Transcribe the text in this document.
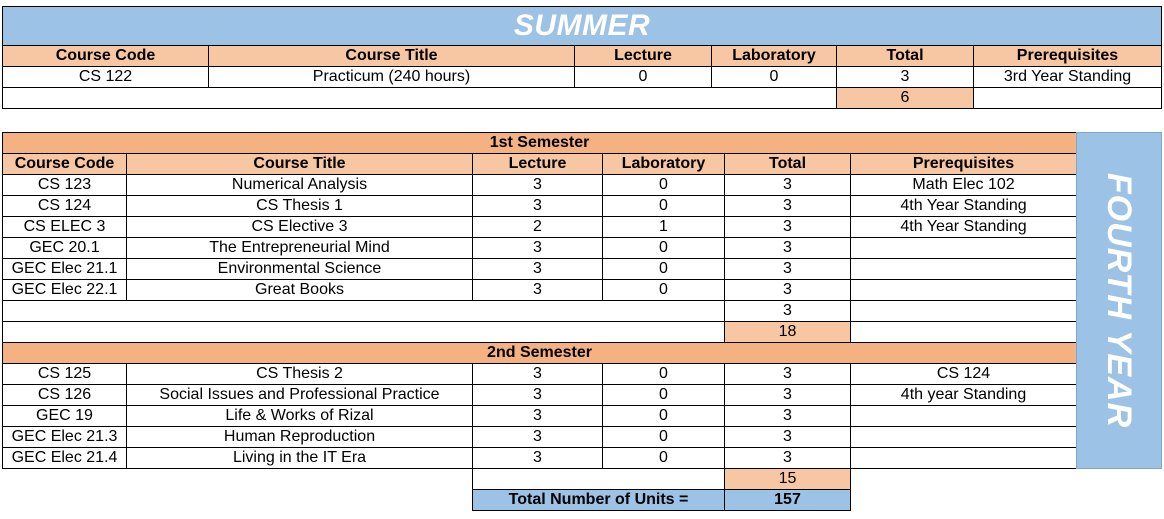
SUMMER					
Course Code	Course Title	Lecture	Laboratory	Total	Prerequisites
CS 122	Practicum (240 hours)	0	0	3	3rd Year Standing
				6	
1st Semester					
Course Code	Course Title	Lecture	Laboratory	Total	Prerequisites
CS 123	Numerical Analysis	3	0	3	Math Elec 102
CS 124	CS Thesis 1	3	0	3	4th Year Standing
CS ELEC 3	CS Elective 3	2	1	3	4th Year Standing
GEC 20.1	The Entrepreneurial Mind	3	0	3	
GEC Elec 21.1	Environmental Science	3	0	3	
GEC Elec 22.1	Great Books	3	0	3	
				3	
				18	
2nd Semester					
CS 125	CS Thesis 2	3	0	3	CS 124
CS 126	Social Issues and Professional Practice	3	0	3	4th year Standing
GEC 19	Life & Works of Rizal	3	0	3	
GEC Elec 21.3	Human Reproduction	3	0	3	
GEC Elec 21.4	Living in the IT Era	3	0	3	
				15	
		Total Number of Units =		157	
FOURTH YEAR
